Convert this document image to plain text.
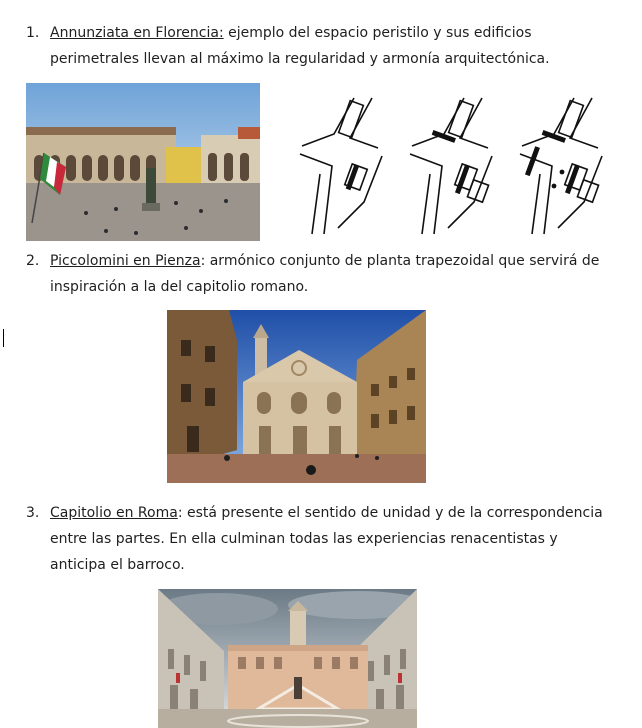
1. Annunziata en Florencia: ejemplo del espacio peristilo y sus edificios perimetrales llevan al máximo la regularidad y armonía arquitectónica.
2. Piccolomini en Pienza: armónico conjunto de planta trapezoidal que servirá de inspiración a la del capitolio romano.
3. Capitolio en Roma: está presente el sentido de unidad y de la correspondencia entre las partes. En ella culminan todas las experiencias renacentistas y anticipa el barroco.
